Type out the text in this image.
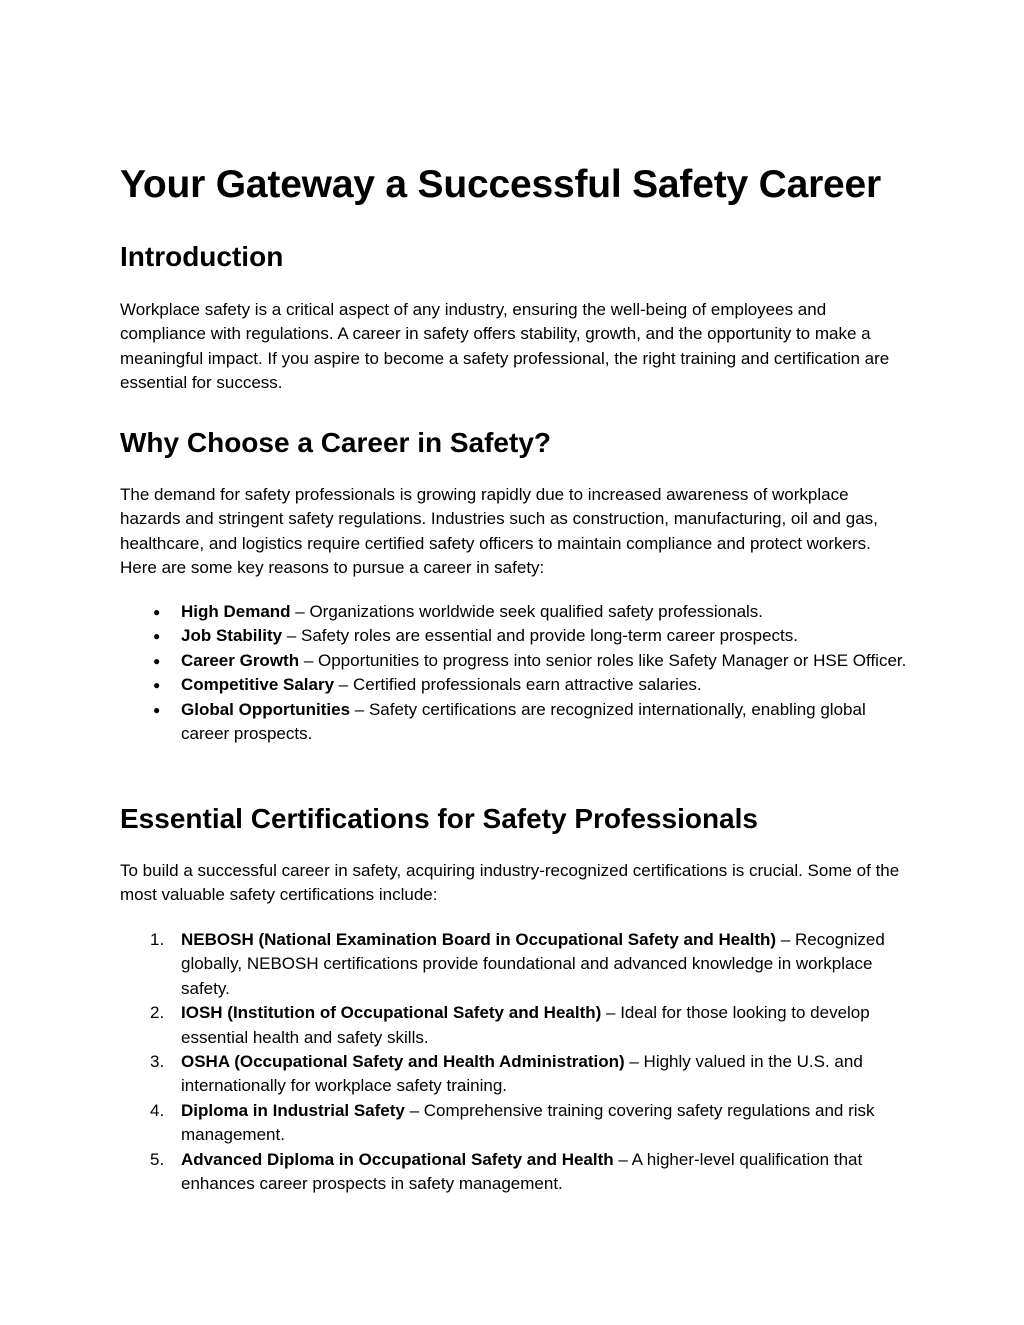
Your Gateway a Successful Safety Career
Introduction

Workplace safety is a critical aspect of any industry, ensuring the well-being of employees and compliance with regulations. A career in safety offers stability, growth, and the opportunity to make a meaningful impact. If you aspire to become a safety professional, the right training and certification are essential for success.

Why Choose a Career in Safety?

The demand for safety professionals is growing rapidly due to increased awareness of workplace hazards and stringent safety regulations. Industries such as construction, manufacturing, oil and gas, healthcare, and logistics require certified safety officers to maintain compliance and protect workers. Here are some key reasons to pursue a career in safety:

● High Demand – Organizations worldwide seek qualified safety professionals.
● Job Stability – Safety roles are essential and provide long-term career prospects.
● Career Growth – Opportunities to progress into senior roles like Safety Manager or HSE Officer.
● Competitive Salary – Certified professionals earn attractive salaries.
● Global Opportunities – Safety certifications are recognized internationally, enabling global career prospects.
Essential Certifications for Safety Professionals

To build a successful career in safety, acquiring industry-recognized certifications is crucial. Some of the most valuable safety certifications include:

1. NEBOSH (National Examination Board in Occupational Safety and Health) – Recognized globally, NEBOSH certifications provide foundational and advanced knowledge in workplace safety.
2. IOSH (Institution of Occupational Safety and Health) – Ideal for those looking to develop essential health and safety skills.
3. OSHA (Occupational Safety and Health Administration) – Highly valued in the U.S. and internationally for workplace safety training.
4. Diploma in Industrial Safety – Comprehensive training covering safety regulations and risk management.
5. Advanced Diploma in Occupational Safety and Health – A higher-level qualification that enhances career prospects in safety management.
